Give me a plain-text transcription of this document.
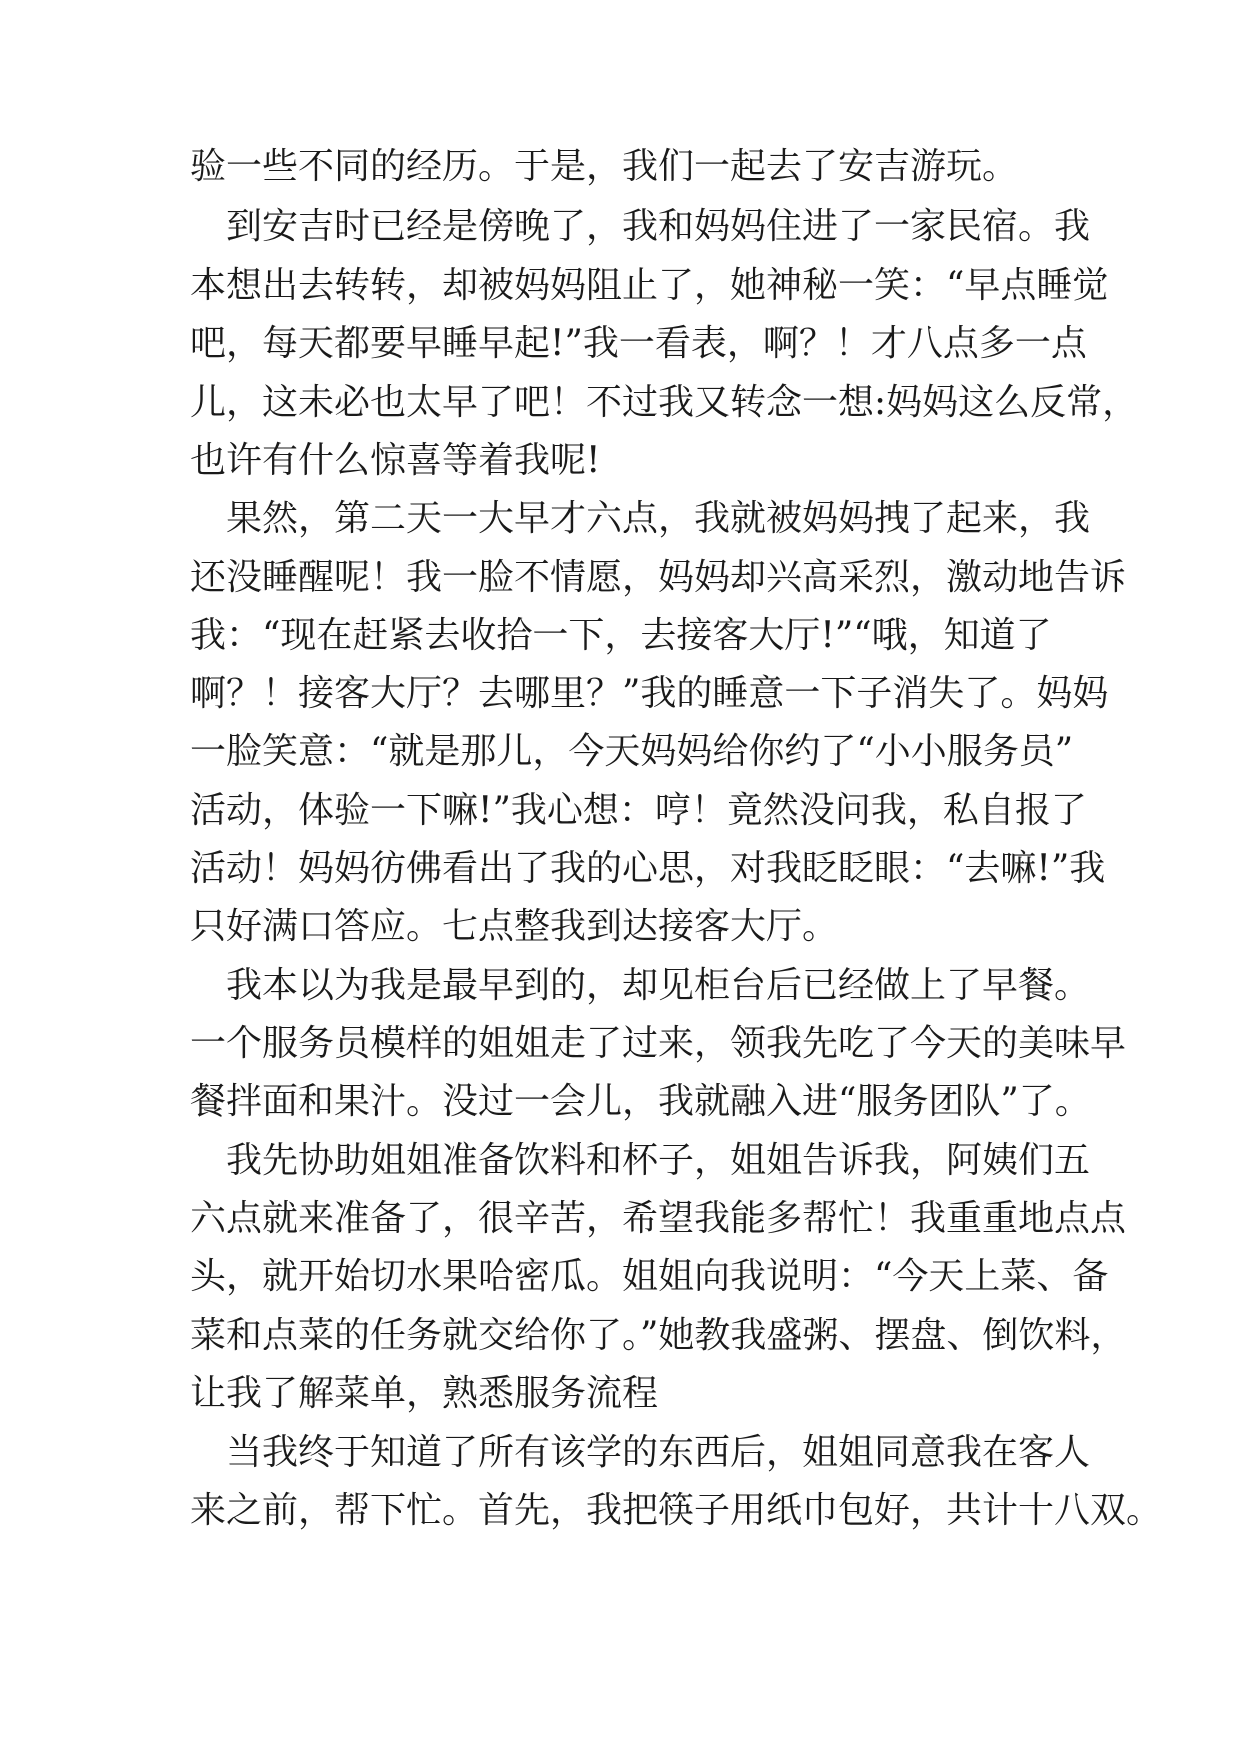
验一些不同的经历。于是，我们一起去了安吉游玩。
　到安吉时已经是傍晚了，我和妈妈住进了一家民宿。我
本想出去转转，却被妈妈阻止了，她神秘一笑：“早点睡觉
吧，每天都要早睡早起!”我一看表，啊？！才八点多一点
儿，这未必也太早了吧！不过我又转念一想:妈妈这么反常，
也许有什么惊喜等着我呢!
　果然，第二天一大早才六点，我就被妈妈拽了起来，我
还没睡醒呢！我一脸不情愿，妈妈却兴高采烈，激动地告诉
我：“现在赶紧去收拾一下，去接客大厅!”“哦，知道了
啊？！接客大厅？去哪里？”我的睡意一下子消失了。妈妈
一脸笑意：“就是那儿，今天妈妈给你约了“小小服务员”
活动，体验一下嘛!”我心想：哼！竟然没问我，私自报了
活动！妈妈彷佛看出了我的心思，对我眨眨眼：“去嘛!”我
只好满口答应。七点整我到达接客大厅。
　我本以为我是最早到的，却见柜台后已经做上了早餐。
一个服务员模样的姐姐走了过来，领我先吃了今天的美味早
餐拌面和果汁。没过一会儿，我就融入进“服务团队”了。
　我先协助姐姐准备饮料和杯子，姐姐告诉我，阿姨们五
六点就来准备了，很辛苦，希望我能多帮忙！我重重地点点
头，就开始切水果哈密瓜。姐姐向我说明：“今天上菜、备
菜和点菜的任务就交给你了。”她教我盛粥、摆盘、倒饮料，
让我了解菜单，熟悉服务流程
　当我终于知道了所有该学的东西后，姐姐同意我在客人
来之前，帮下忙。首先，我把筷子用纸巾包好，共计十八双。
